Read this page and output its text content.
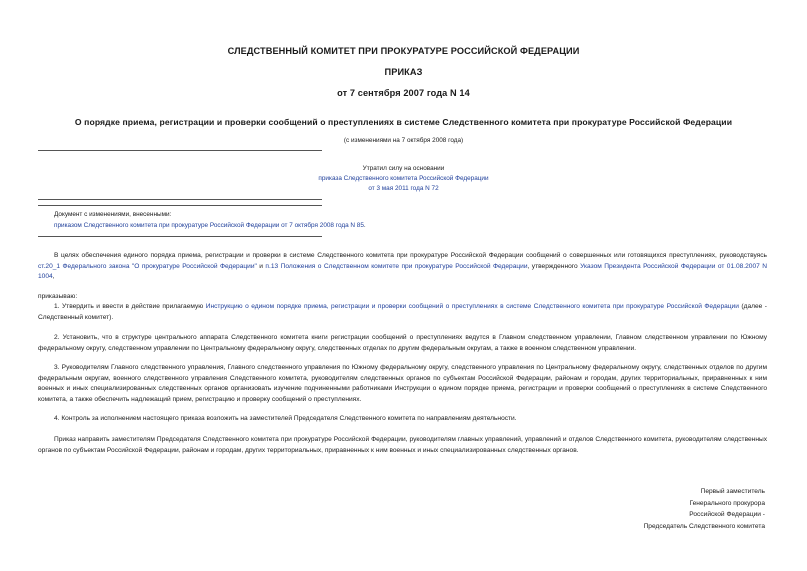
СЛЕДСТВЕННЫЙ КОМИТЕТ ПРИ ПРОКУРАТУРЕ РОССИЙСКОЙ ФЕДЕРАЦИИ
ПРИКАЗ
от 7 сентября 2007 года N 14
О порядке приема, регистрации и проверки сообщений о преступлениях в системе Следственного комитета при прокуратуре Российской Федерации
(с изменениями на 7 октября 2008 года)
Утратил силу на основании
приказа Следственного комитета Российской Федерации
от 3 мая 2011 года N 72
Документ с изменениями, внесенными:
приказом Следственного комитета при прокуратуре Российской Федерации от 7 октября 2008 года N 85.
В целях обеспечения единого порядка приема, регистрации и проверки в системе Следственного комитета при прокуратуре Российской Федерации сообщений о совершенных или готовящихся преступлениях, руководствуясь ст.20_1 Федерального закона "О прокуратуре Российской Федерации" и п.13 Положения о Следственном комитете при прокуратуре Российской Федерации, утвержденного Указом Президента Российской Федерации от 01.08.2007 N 1004,
приказываю:
1. Утвердить и ввести в действие прилагаемую Инструкцию о едином порядке приема, регистрации и проверки сообщений о преступлениях в системе Следственного комитета при прокуратуре Российской Федерации (далее - Следственный комитет).
2. Установить, что в структуре центрального аппарата Следственного комитета книги регистрации сообщений о преступлениях ведутся в Главном следственном управлении, Главном следственном управлении по Южному федеральному округу, следственном управлении по Центральному федеральному округу, следственных отделах по другим федеральным округам, а также в военном следственном управлении.
3. Руководителям Главного следственного управления, Главного следственного управления по Южному федеральному округу, следственного управления по Центральному федеральному округу, следственных отделов по другим федеральным округам, военного следственного управления Следственного комитета, руководителям следственных органов по субъектам Российской Федерации, районам и городам, других территориальных, приравненных к ним военных и иных специализированных следственных органов организовать изучение подчиненными работниками Инструкции о едином порядке приема, регистрации и проверки сообщений о преступлениях в системе Следственного комитета, а также обеспечить надлежащий прием, регистрацию и проверку сообщений о преступлениях.
4. Контроль за исполнением настоящего приказа возложить на заместителей Председателя Следственного комитета по направлениям деятельности.
Приказ направить заместителям Председателя Следственного комитета при прокуратуре Российской Федерации, руководителям главных управлений, управлений и отделов Следственного комитета, руководителям следственных органов по субъектам Российской Федерации, районам и городам, других территориальных, приравненных к ним военных и иных специализированных следственных органов.
Первый заместитель
Генерального прокурора
Российской Федерации -
Председатель Следственного комитета
